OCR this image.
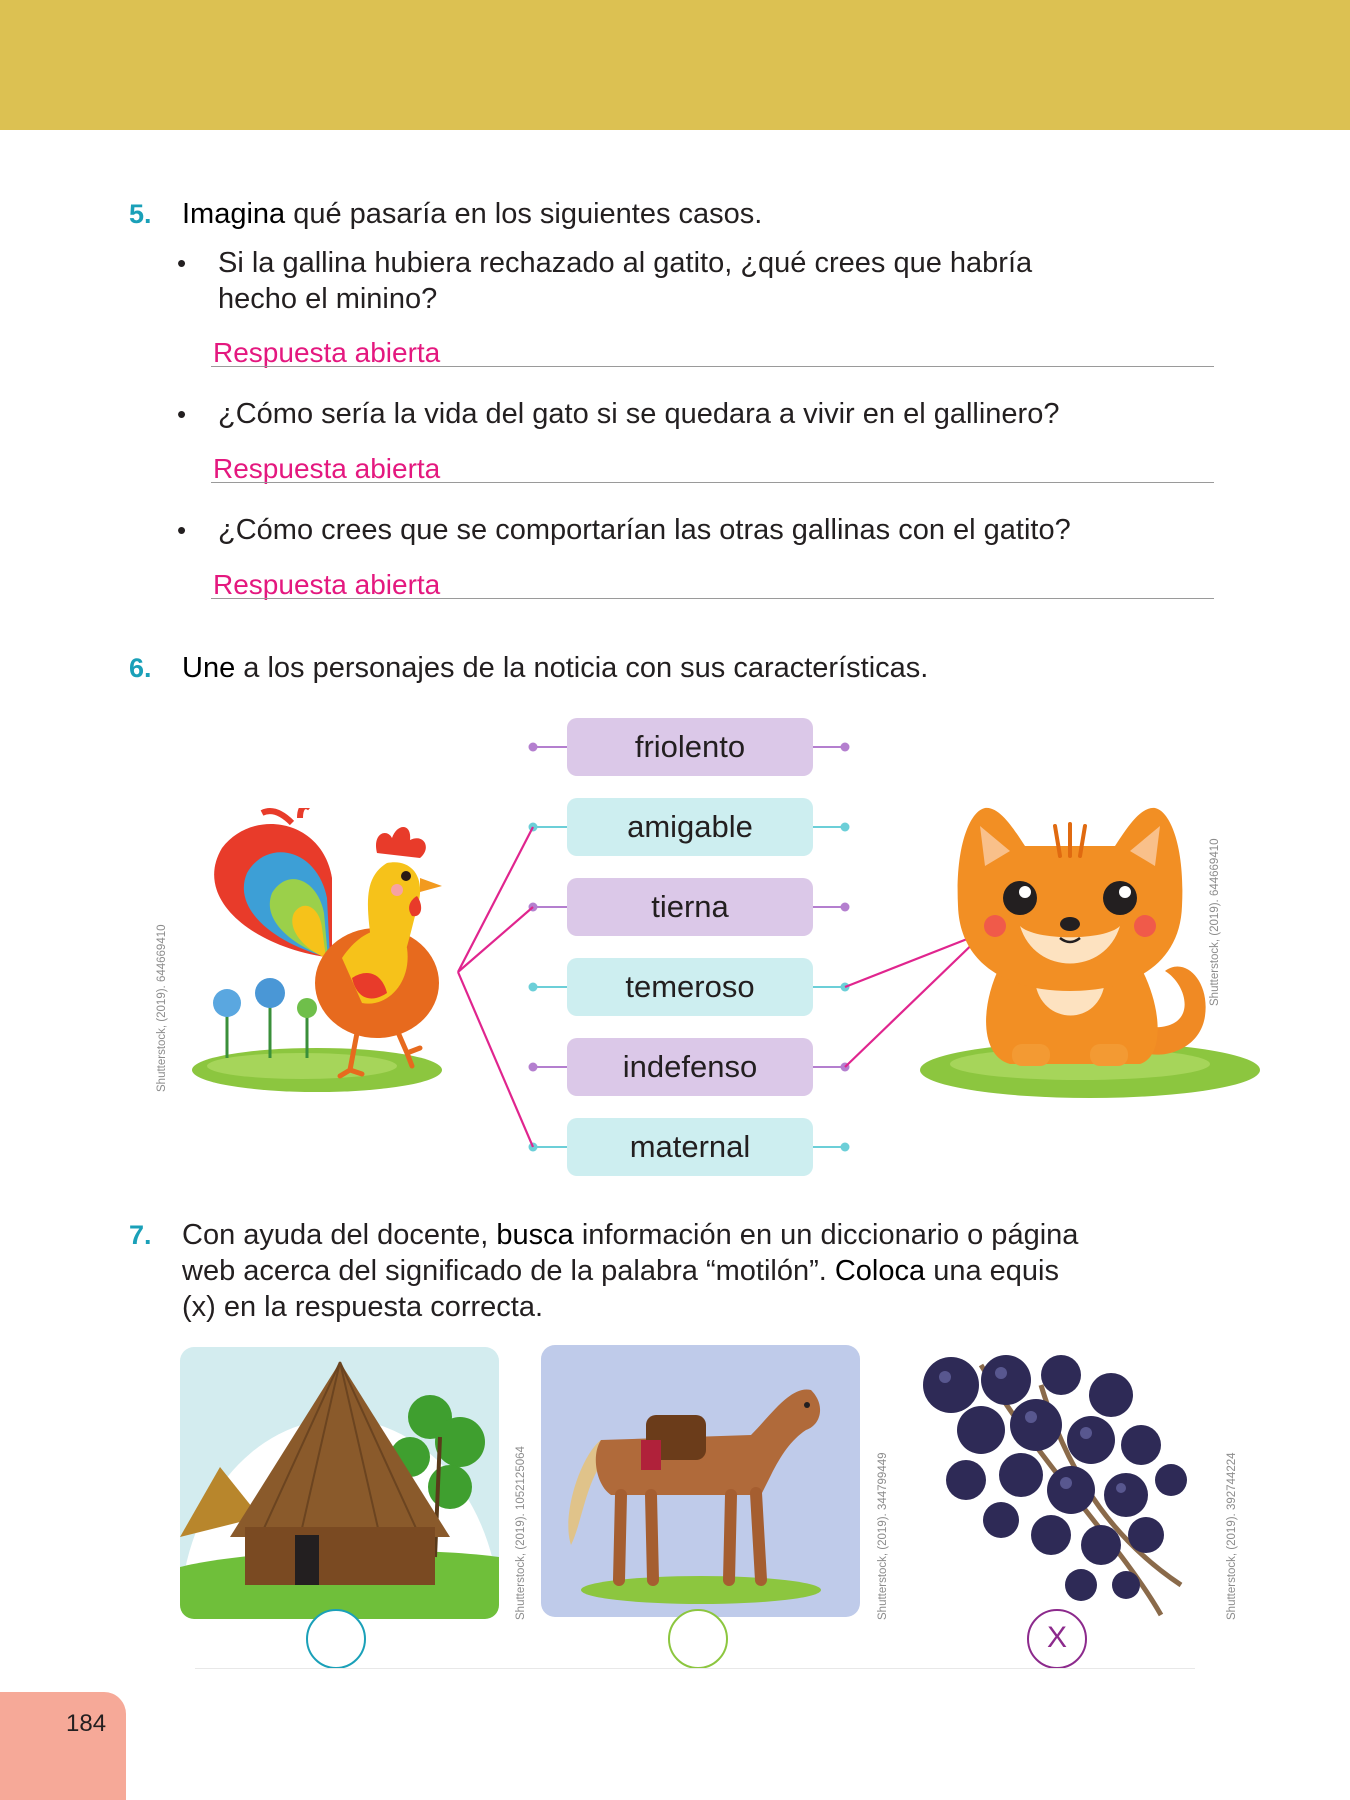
5. Imagina qué pasaría en los siguientes casos.
• Si la gallina hubiera rechazado al gatito, ¿qué crees que habría
hecho el minino?
Respuesta abierta
• ¿Cómo sería la vida del gato si se quedara a vivir en el gallinero?
Respuesta abierta
• ¿Cómo crees que se comportarían las otras gallinas con el gatito?
Respuesta abierta
6. Une a los personajes de la noticia con sus características.
friolento
amigable
tierna
temeroso
indefenso
maternal
Shutterstock, (2019). 644669410
Shutterstock, (2019). 644669410
7. Con ayuda del docente, busca información en un diccionario o página
web acerca del significado de la palabra “motilón”. Coloca una equis
(x) en la respuesta correcta.
Shutterstock, (2019). 1052125064	Shutterstock, (2019). 344799449	Shutterstock, (2019). 392744224
X
184
